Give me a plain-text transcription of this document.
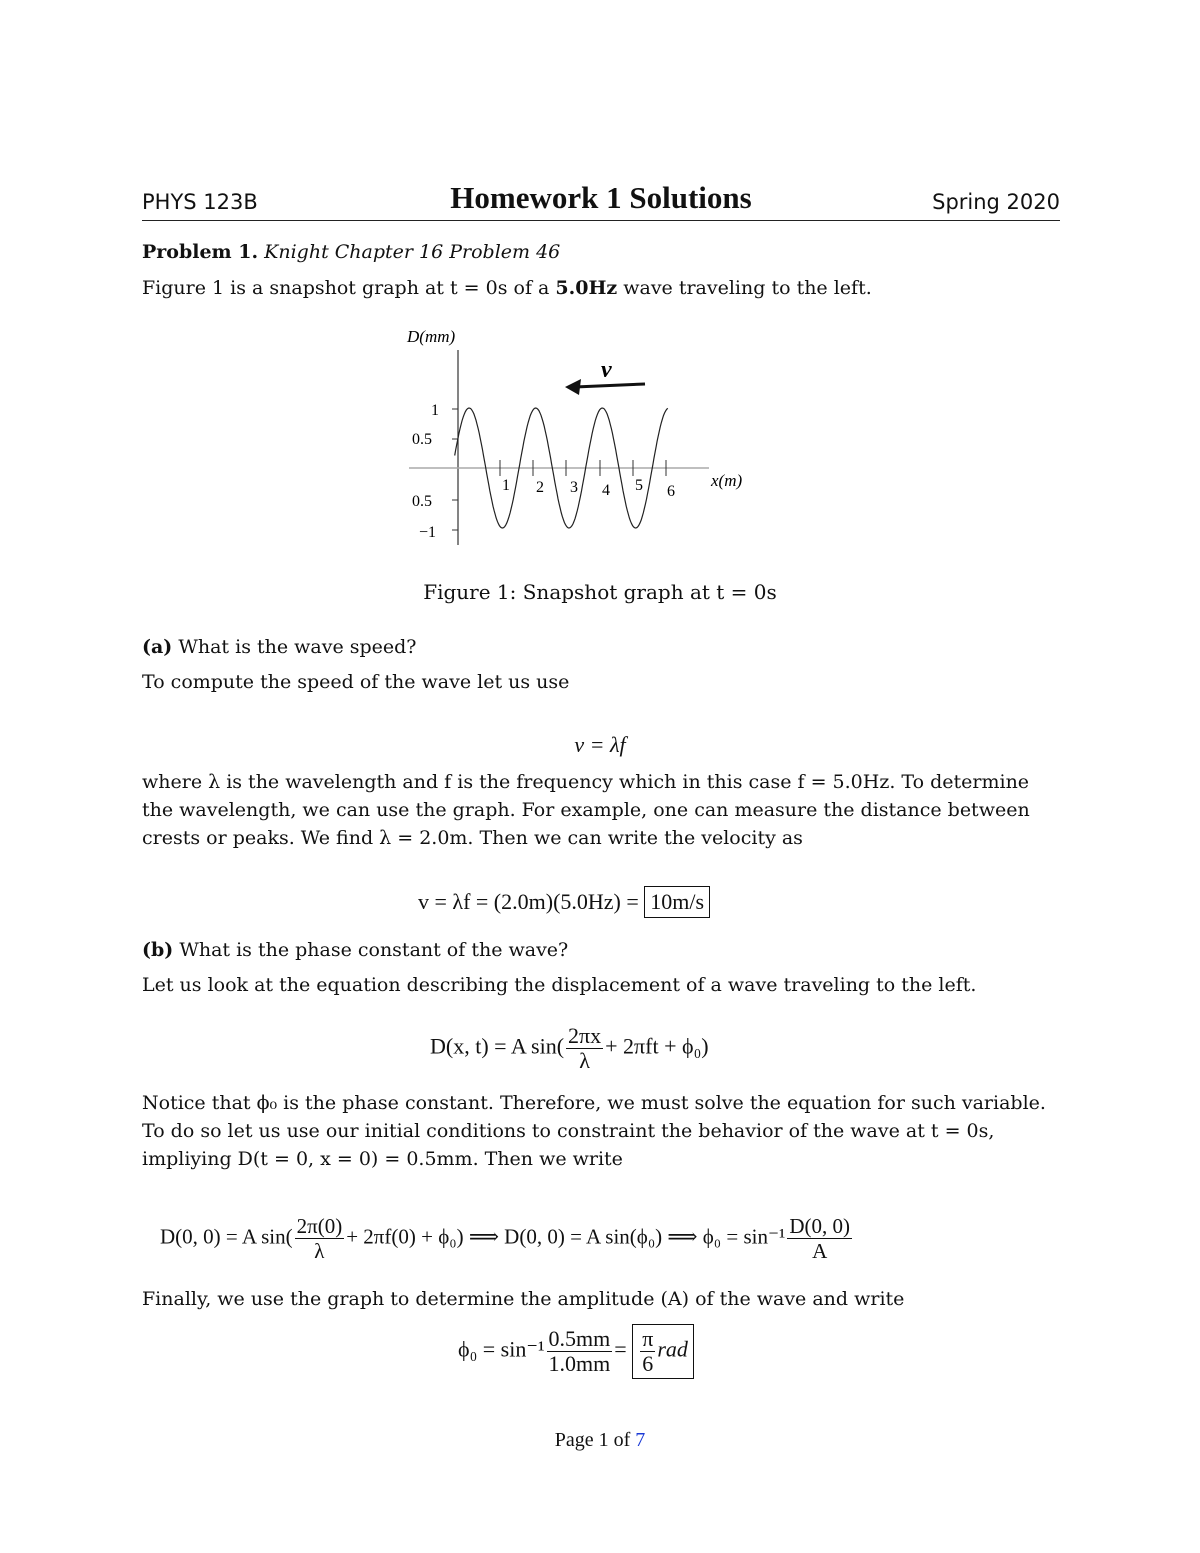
PHYS 123B	Homework 1 Solutions	Spring 2020
Problem 1. Knight Chapter 16 Problem 46
Figure 1 is a snapshot graph at t = 0s of a 5.0Hz wave traveling to the left.
D(mm)
x(m)
1
0.5
0.5
−1
1 2 3 4 5 6
v
Figure 1: Snapshot graph at t = 0s
(a) What is the wave speed?
To compute the speed of the wave let us use
v = λf
where λ is the wavelength and f is the frequency which in this case f = 5.0Hz. To determine
the wavelength, we can use the graph. For example, one can measure the distance between
crests or peaks. We find λ = 2.0m. Then we can write the velocity as
v = λf = (2.0m)(5.0Hz) = 10m/s
(b) What is the phase constant of the wave?
Let us look at the equation describing the displacement of a wave traveling to the left.
D(x, t) = A $\sin( \frac{2\pi x}{\lambda} + 2\pi ft + \phi_0)$
Notice that ϕ₀ is the phase constant. Therefore, we must solve the equation for such variable.
To do so let us use our initial conditions to constraint the behavior of the wave at t = 0s,
impliying D(t = 0, x = 0) = 0.5mm. Then we write
D(0, 0) = A $\sin( \frac{2\pi(0)}{\lambda} + 2\pi f(0) + \phi_0)$ ⟹ D(0, 0) = A sin(ϕ₀) ⟹ $\phi_0 = \sin^{-1} \frac{D(0, 0)}{A}$
Finally, we use the graph to determine the amplitude (A) of the wave and write
$\phi_0 = \sin^{-1} \frac{0.5mm}{1.0mm} = \frac{\pi}{6}$ rad
Page 1 of 7
